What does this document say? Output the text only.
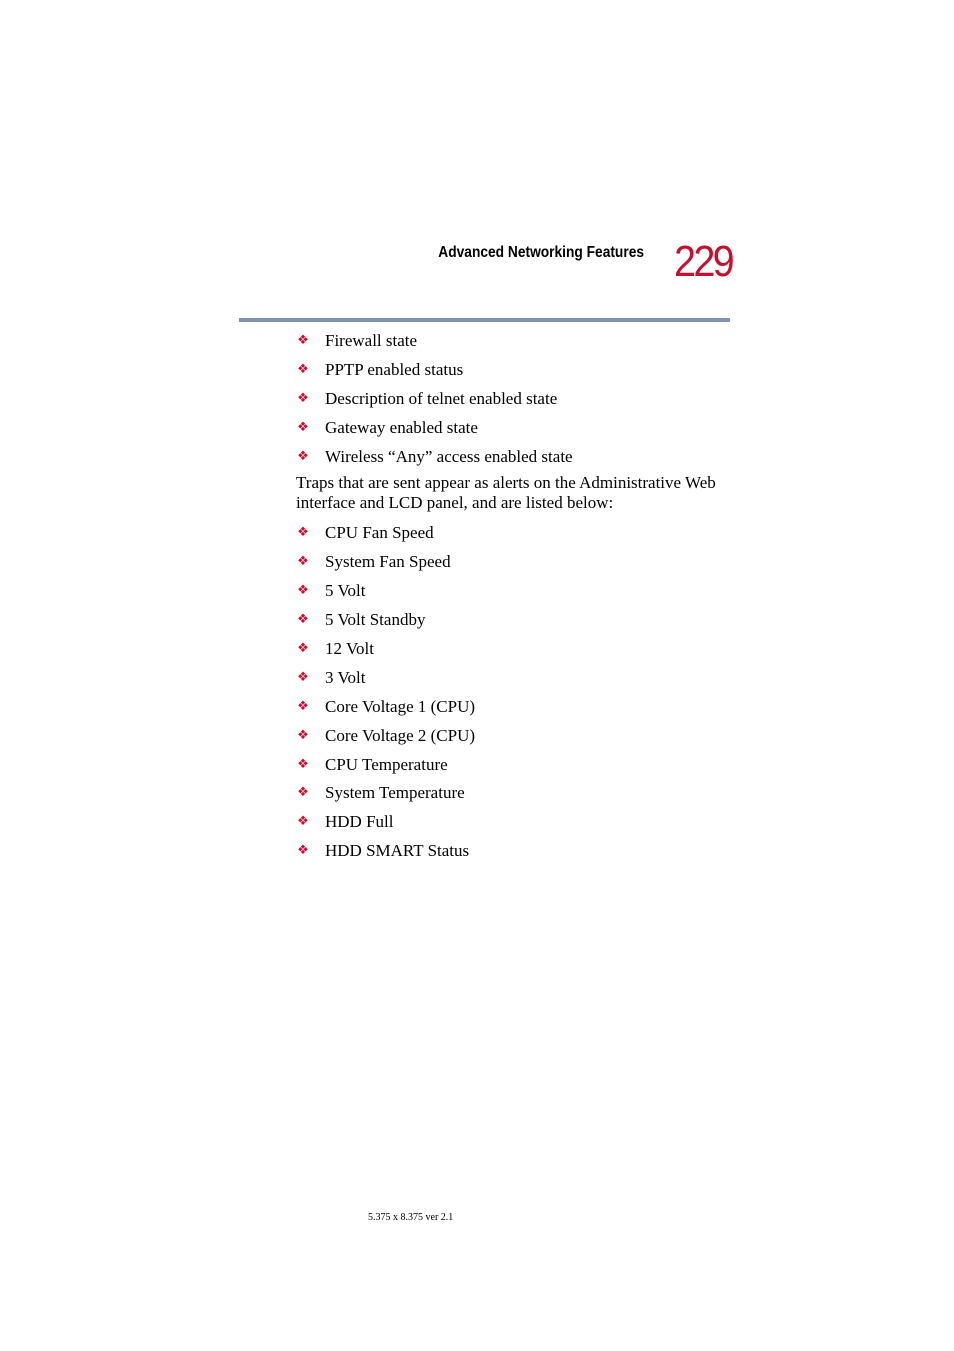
Advanced Networking Features 229
❖ Firewall state
❖ PPTP enabled status
❖ Description of telnet enabled state
❖ Gateway enabled state
❖ Wireless “Any” access enabled state

Traps that are sent appear as alerts on the Administrative Web interface and LCD panel, and are listed below:

❖ CPU Fan Speed
❖ System Fan Speed
❖ 5 Volt
❖ 5 Volt Standby
❖ 12 Volt
❖ 3 Volt
❖ Core Voltage 1 (CPU)
❖ Core Voltage 2 (CPU)
❖ CPU Temperature
❖ System Temperature
❖ HDD Full
❖ HDD SMART Status
5.375 x 8.375 ver 2.1
